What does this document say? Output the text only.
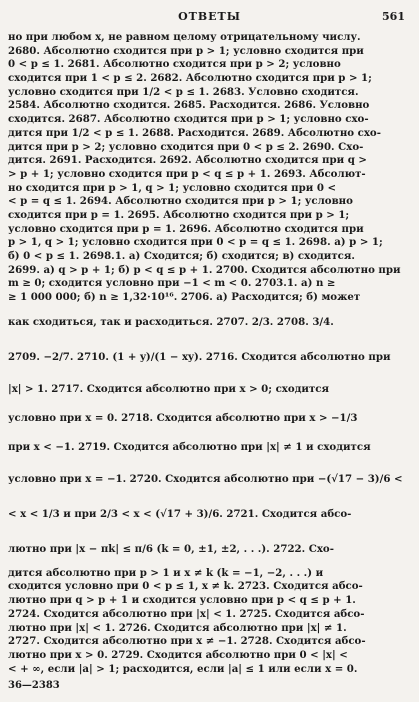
ОТВЕТЫ	561
но при любом x, не равном целому отрицательному числу.
2680. Абсолютно сходится при p > 1; условно сходится при
0 < p ≤ 1. 2681. Абсолютно сходится при p > 2; условно
сходится при 1 < p ≤ 2. 2682. Абсолютно сходится при p > 1;
условно сходится при 1/2 < p ≤ 1. 2683. Условно сходится.
2584. Абсолютно сходится. 2685. Расходится. 2686. Условно
сходится. 2687. Абсолютно сходится при p > 1; условно схо-
дится при 1/2 < p ≤ 1. 2688. Расходится. 2689. Абсолютно схо-
дится при p > 2; условно сходится при 0 < p ≤ 2. 2690. Схо-
дится. 2691. Расходится. 2692. Абсолютно сходится при q >
> p + 1; условно сходится при p < q ≤ p + 1. 2693. Абсолют-
но сходится при p > 1, q > 1; условно сходится при 0 <
< p = q ≤ 1. 2694. Абсолютно сходится при p > 1; условно
сходится при p = 1. 2695. Абсолютно сходится при p > 1;
условно сходится при p = 1. 2696. Абсолютно сходится при
p > 1, q > 1; условно сходится при 0 < p = q ≤ 1. 2698. а) p > 1;
б) 0 < p ≤ 1. 2698.1. а) Сходится; б) сходится; в) сходится.
2699. а) q > p + 1; б) p < q ≤ p + 1. 2700. Сходится абсолютно при
m ≥ 0; сходится условно при −1 < m < 0. 2703.1. а) n ≥
≥ 1 000 000; б) n ≥ 1,32·10¹⁶. 2706. а) Расходится; б) может
как сходиться, так и расходиться. 2707. 2/3. 2708. 3/4.
2709. −2/7. 2710. (1 + y)/(1 − xy). 2716. Сходится абсолютно при
|x| > 1. 2717. Сходится абсолютно при x > 0; сходится
условно при x = 0. 2718. Сходится абсолютно при x > −1/3
при x < −1. 2719. Сходится абсолютно при |x| ≠ 1 и сходится
условно при x = −1. 2720. Сходится абсолютно при −(√17 − 3)/6 <
< x < 1/3 и при 2/3 < x < (√17 + 3)/6. 2721. Сходится абсо-
лютно при |x − πk| ≤ π/6 (k = 0, ±1, ±2, . . .). 2722. Схо-
дится абсолютно при p > 1 и x ≠ k (k = −1, −2, . . .) и
сходится условно при 0 < p ≤ 1, x ≠ k. 2723. Сходится абсо-
лютно при q > p + 1 и сходится условно при p < q ≤ p + 1.
2724. Сходится абсолютно при |x| < 1. 2725. Сходится абсо-
лютно при |x| < 1. 2726. Сходится абсолютно при |x| ≠ 1.
2727. Сходится абсолютно при x ≠ −1. 2728. Сходится абсо-
лютно при x > 0. 2729. Сходится абсолютно при 0 < |x| <
< + ∞, если |a| > 1; расходится, если |a| ≤ 1 или если x = 0.
36—2383
